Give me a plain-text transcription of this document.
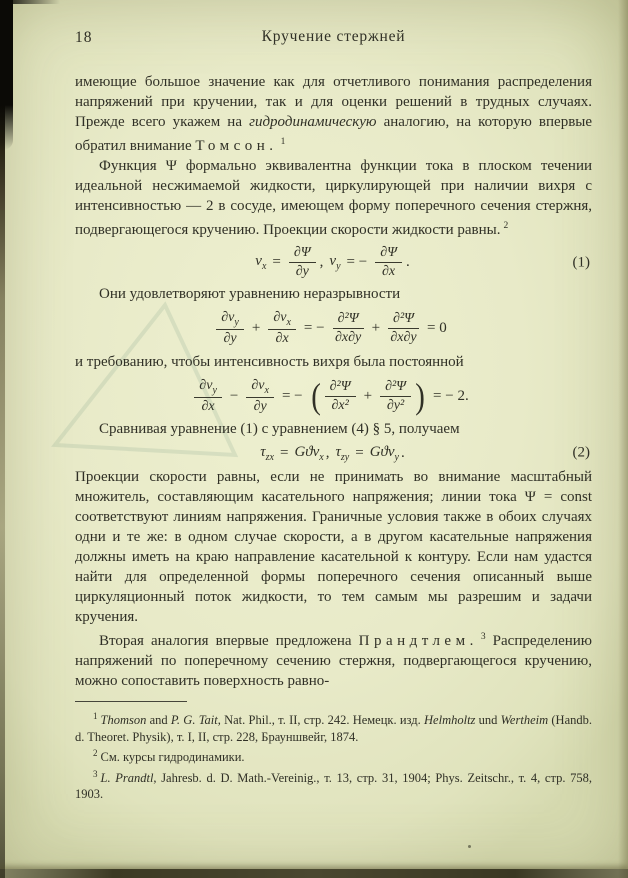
18	Кручение стержней

имеющие большое значение как для отчетливого понимания распределения напряжений при кручении, так и для оценки решений в трудных случаях. Прежде всего укажем на гидродинамическую аналогию, на которую впервые обратил внимание Томсон. $^1$

Функция Ψ формально эквивалентна функции тока в плоском течении идеальной несжимаемой жидкости, циркулирующей при наличии вихря с интенсивностью — 2 в сосуде, имеющем форму поперечного сечения стержня, подвергающегося кручению. Проекции скорости жидкости равны. $^2$

$v_x = \frac{\partial\Psi}{\partial y}$ , $v_y$ = − $\frac{\partial\Psi}{\partial x}$ .	(1)

Они удовлетворяют уравнению неразрывности

$\frac{\partial v_y}{\partial y} + \frac{\partial v_x}{\partial x}$ = − $\frac{\text{∂²Ψ}}{\partial x\partial y} + \frac{\text{∂²Ψ}}{\partial x\partial y} = 0$

и требованию, чтобы интенсивность вихря была постоянной

$\frac{\partial v_y}{\partial x} - \frac{\partial v_x}{\partial y}$ = − ( $\frac{\text{∂²Ψ}}{\text{∂x²}} + \frac{\text{∂²Ψ}}{\text{∂y²}}$ ) = − 2.

Сравнивая уравнение (1) с уравнением (4) § 5, получаем

$\tau_{zx} = Gϑv_x$ , $\tau_{zy} = Gϑv_y$ .	(2)

Проекции скорости равны, если не принимать во внимание масштабный множитель, составляющим касательного напряжения; линии тока Ψ = const соответствуют линиям напряжения. Граничные условия также в обоих случаях одни и те же: в одном случае скорости, а в другом касательные напряжения должны иметь на краю направление касательной к контуру. Если нам удастся найти для определенной формы поперечного сечения описанный выше циркуляционный поток жидкости, то тем самым мы разрешим и задачи кручения.

Вторая аналогия впервые предложена Прандтлем. $^3$ Распределению напряжений по поперечному сечению стержня, подвергающегося кручению, можно сопоставить поверхность равно-

$^1$ Thomson and P. G. Tait, Nat. Phil., т. II, стр. 242. Немецк. изд. Helmholtz und Wertheim (Handb. d. Theoret. Physik), т. I, II, стр. 228, Брауншвейг, 1874.

$^2$ См. курсы гидродинамики.

$^3$ L. Prandtl, Jahresb. d. D. Math.-Vereinig., т. 13, стр. 31, 1904; Phys. Zeitschr., т. 4, стр. 758, 1903.
